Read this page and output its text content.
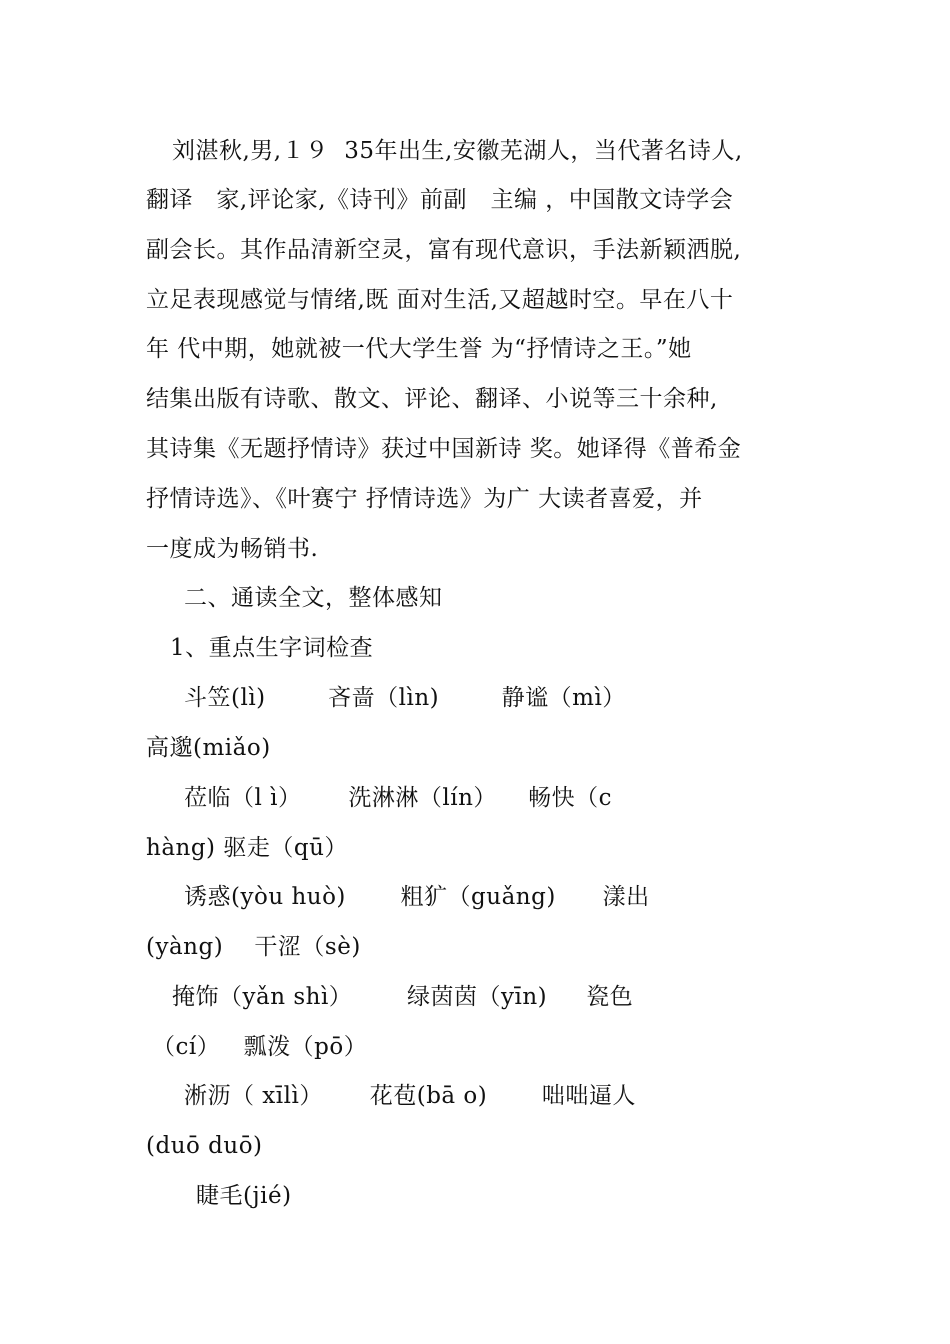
刘湛秋,男,１９  35年出生,安徽芜湖人，当代著名诗人,
翻译   家,评论家,《诗刊》前副   主编 ，中国散文诗学会
副会长。其作品清新空灵，富有现代意识，手法新颖洒脱,
立足表现感觉与情绪,既 面对生活,又超越时空。早在八十
年 代中期，她就被一代大学生誉 为“抒情诗之王。”她
结集出版有诗歌、散文、评论、翻译、小说等三十余种,
其诗集《无题抒情诗》获过中国新诗 奖。她译得《普希金
抒情诗选》、《叶赛宁 抒情诗选》为广 大读者喜爱，并
一度成为畅销书.
二、通读全文，整体感知
1、重点生字词检查
斗笠(lì)        吝啬（lìn)        静谧（mì）
高邈(miǎo)
莅临（l ì）      洗淋淋（lín）    畅快（c
hàng) 驱走（qū）
诱惑(yòu huò)       粗犷（guǎng)      漾出
(yàng)    干涩（sè)
掩饰（yǎn shì）       绿茵茵（yīn)     瓷色
（cí）   瓢泼（pō）
淅沥（ xīlì）      花苞(bā o)       咄咄逼人
(duō duō)
睫毛(jié)
